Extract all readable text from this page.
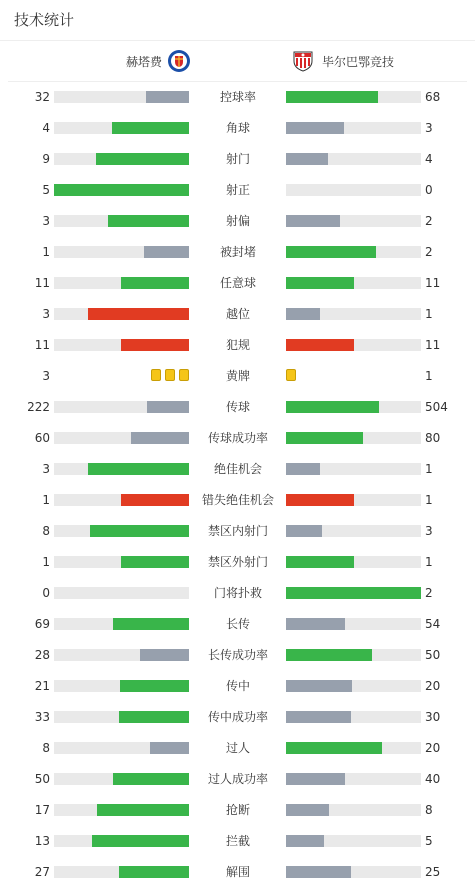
技术统计
赫塔费	毕尔巴鄂竞技
32	控球率	68
4	角球	3
9	射门	4
5	射正	0
3	射偏	2
1	被封堵	2
11	任意球	11
3	越位	1
11	犯规	11
3	黄牌	1
222	传球	504
60	传球成功率	80
3	绝佳机会	1
1	错失绝佳机会	1
8	禁区内射门	3
1	禁区外射门	1
0	门将扑救	2
69	长传	54
28	长传成功率	50
21	传中	20
33	传中成功率	30
8	过人	20
50	过人成功率	40
17	抢断	8
13	拦截	5
27	解围	25
